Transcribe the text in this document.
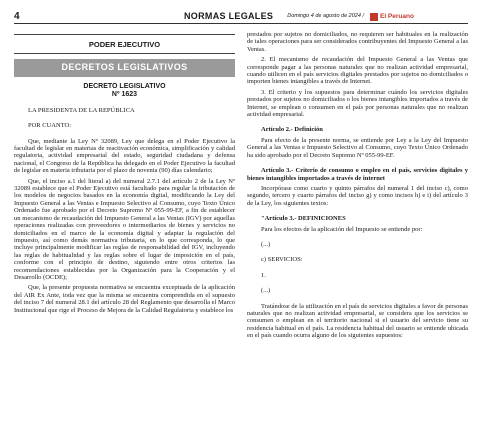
4	NORMAS LEGALES	Domingo 4 de agosto de 2024 / El Peruano
PODER EJECUTIVO
DECRETOS LEGISLATIVOS
DECRETO LEGISLATIVO
Nº 1623
LA PRESIDENTA DE LA REPÚBLICA
POR CUANTO:
Que, mediante la Ley Nº 32089, Ley que delega en el Poder Ejecutivo la facultad de legislar en materias de reactivación económica, simplificación y calidad regulatoria, actividad empresarial del estado, seguridad ciudadana y defensa nacional, el Congreso de la República ha delegado en el Poder Ejecutivo la facultad de legislar en materia tributaria por el plazo de noventa (90) días calendario;
Que, el inciso a.1 del literal a) del numeral 2.7.1 del artículo 2 de la Ley Nº 32089 establece que el Poder Ejecutivo está facultado para regular la tributación de los modelos de negocios basados en la economía digital, modificando la Ley del Impuesto General a las Ventas e Impuesto Selectivo al Consumo, cuyo Texto Único Ordenado fue aprobado por el Decreto Supremo Nº 055-99-EF, a fin de establecer un mecanismo de recaudación del Impuesto General a las Ventas (IGV) por aquellas operaciones realizadas con proveedores o intermediarios de bienes y servicios no domiciliados en el marco de la economía digital y adaptar la regulación del impuesto, así como demás normativa tributaria, en lo que corresponda, lo que incluye principalmente modificar las reglas de responsabilidad del IGV, incluyendo las reglas de habitualidad y las reglas sobre el lugar de imposición en el país, conforme con el principio de destino, siguiendo entre otros criterios las recomendaciones establecidas por la Organización para la Cooperación y el Desarrollo (OCDE);
Que, la presente propuesta normativa se encuentra exceptuada de la aplicación del AIR Ex Ante, toda vez que la misma se encuentra comprendida en el supuesto del inciso 7 del numeral 28.1 del artículo 28 del Reglamento que desarrolla el Marco Institucional que rige el Proceso de Mejora de la Calidad Regulatoria y establece los
prestados por sujetos no domiciliados, no requieren ser habituales en la realización de tales operaciones para ser considerados contribuyentes del Impuesto General a las Ventas.
2. El mecanismo de recaudación del Impuesto General a las Ventas que corresponde pagar a las personas naturales que no realizan actividad empresarial, cuando utilicen en el país servicios digitales prestados por sujetos no domiciliados o importen bienes intangibles a través de Internet.
3. El criterio y los supuestos para determinar cuándo los servicios digitales prestados por sujetos no domiciliados o los bienes intangibles importados a través de Internet, se emplean o consumen en el país por personas naturales que no realizan actividad empresarial.
Artículo 2.- Definición
Para efecto de la presente norma, se entiende por Ley a la Ley del Impuesto General a las Ventas e Impuesto Selectivo al Consumo, cuyo Texto Único Ordenado ha sido aprobado por el Decreto Supremo Nº 055-99-EF.
Artículo 3.- Criterio de consumo o empleo en el país, servicios digitales y bienes intangibles importados a través de internet
Incorpórase como cuarto y quinto párrafos del numeral 1 del inciso c), como segundo, tercero y cuarto párrafos del inciso g) y como incisos h) e i) del artículo 3 de la Ley, los siguientes textos:
"Artículo 3.- DEFINICIONES
Para los efectos de la aplicación del Impuesto se entiende por:
(...)
c) SERVICIOS:
1.
(...)
Tratándose de la utilización en el país de servicios digitales a favor de personas naturales que no realizan actividad empresarial, se considera que los servicios se consumen o emplean en el territorio nacional si el usuario del servicio tiene su residencia habitual en el país. La residencia habitual del usuario se entiende ubicada en el país cuando ocurra alguno de los siguientes supuestos:
